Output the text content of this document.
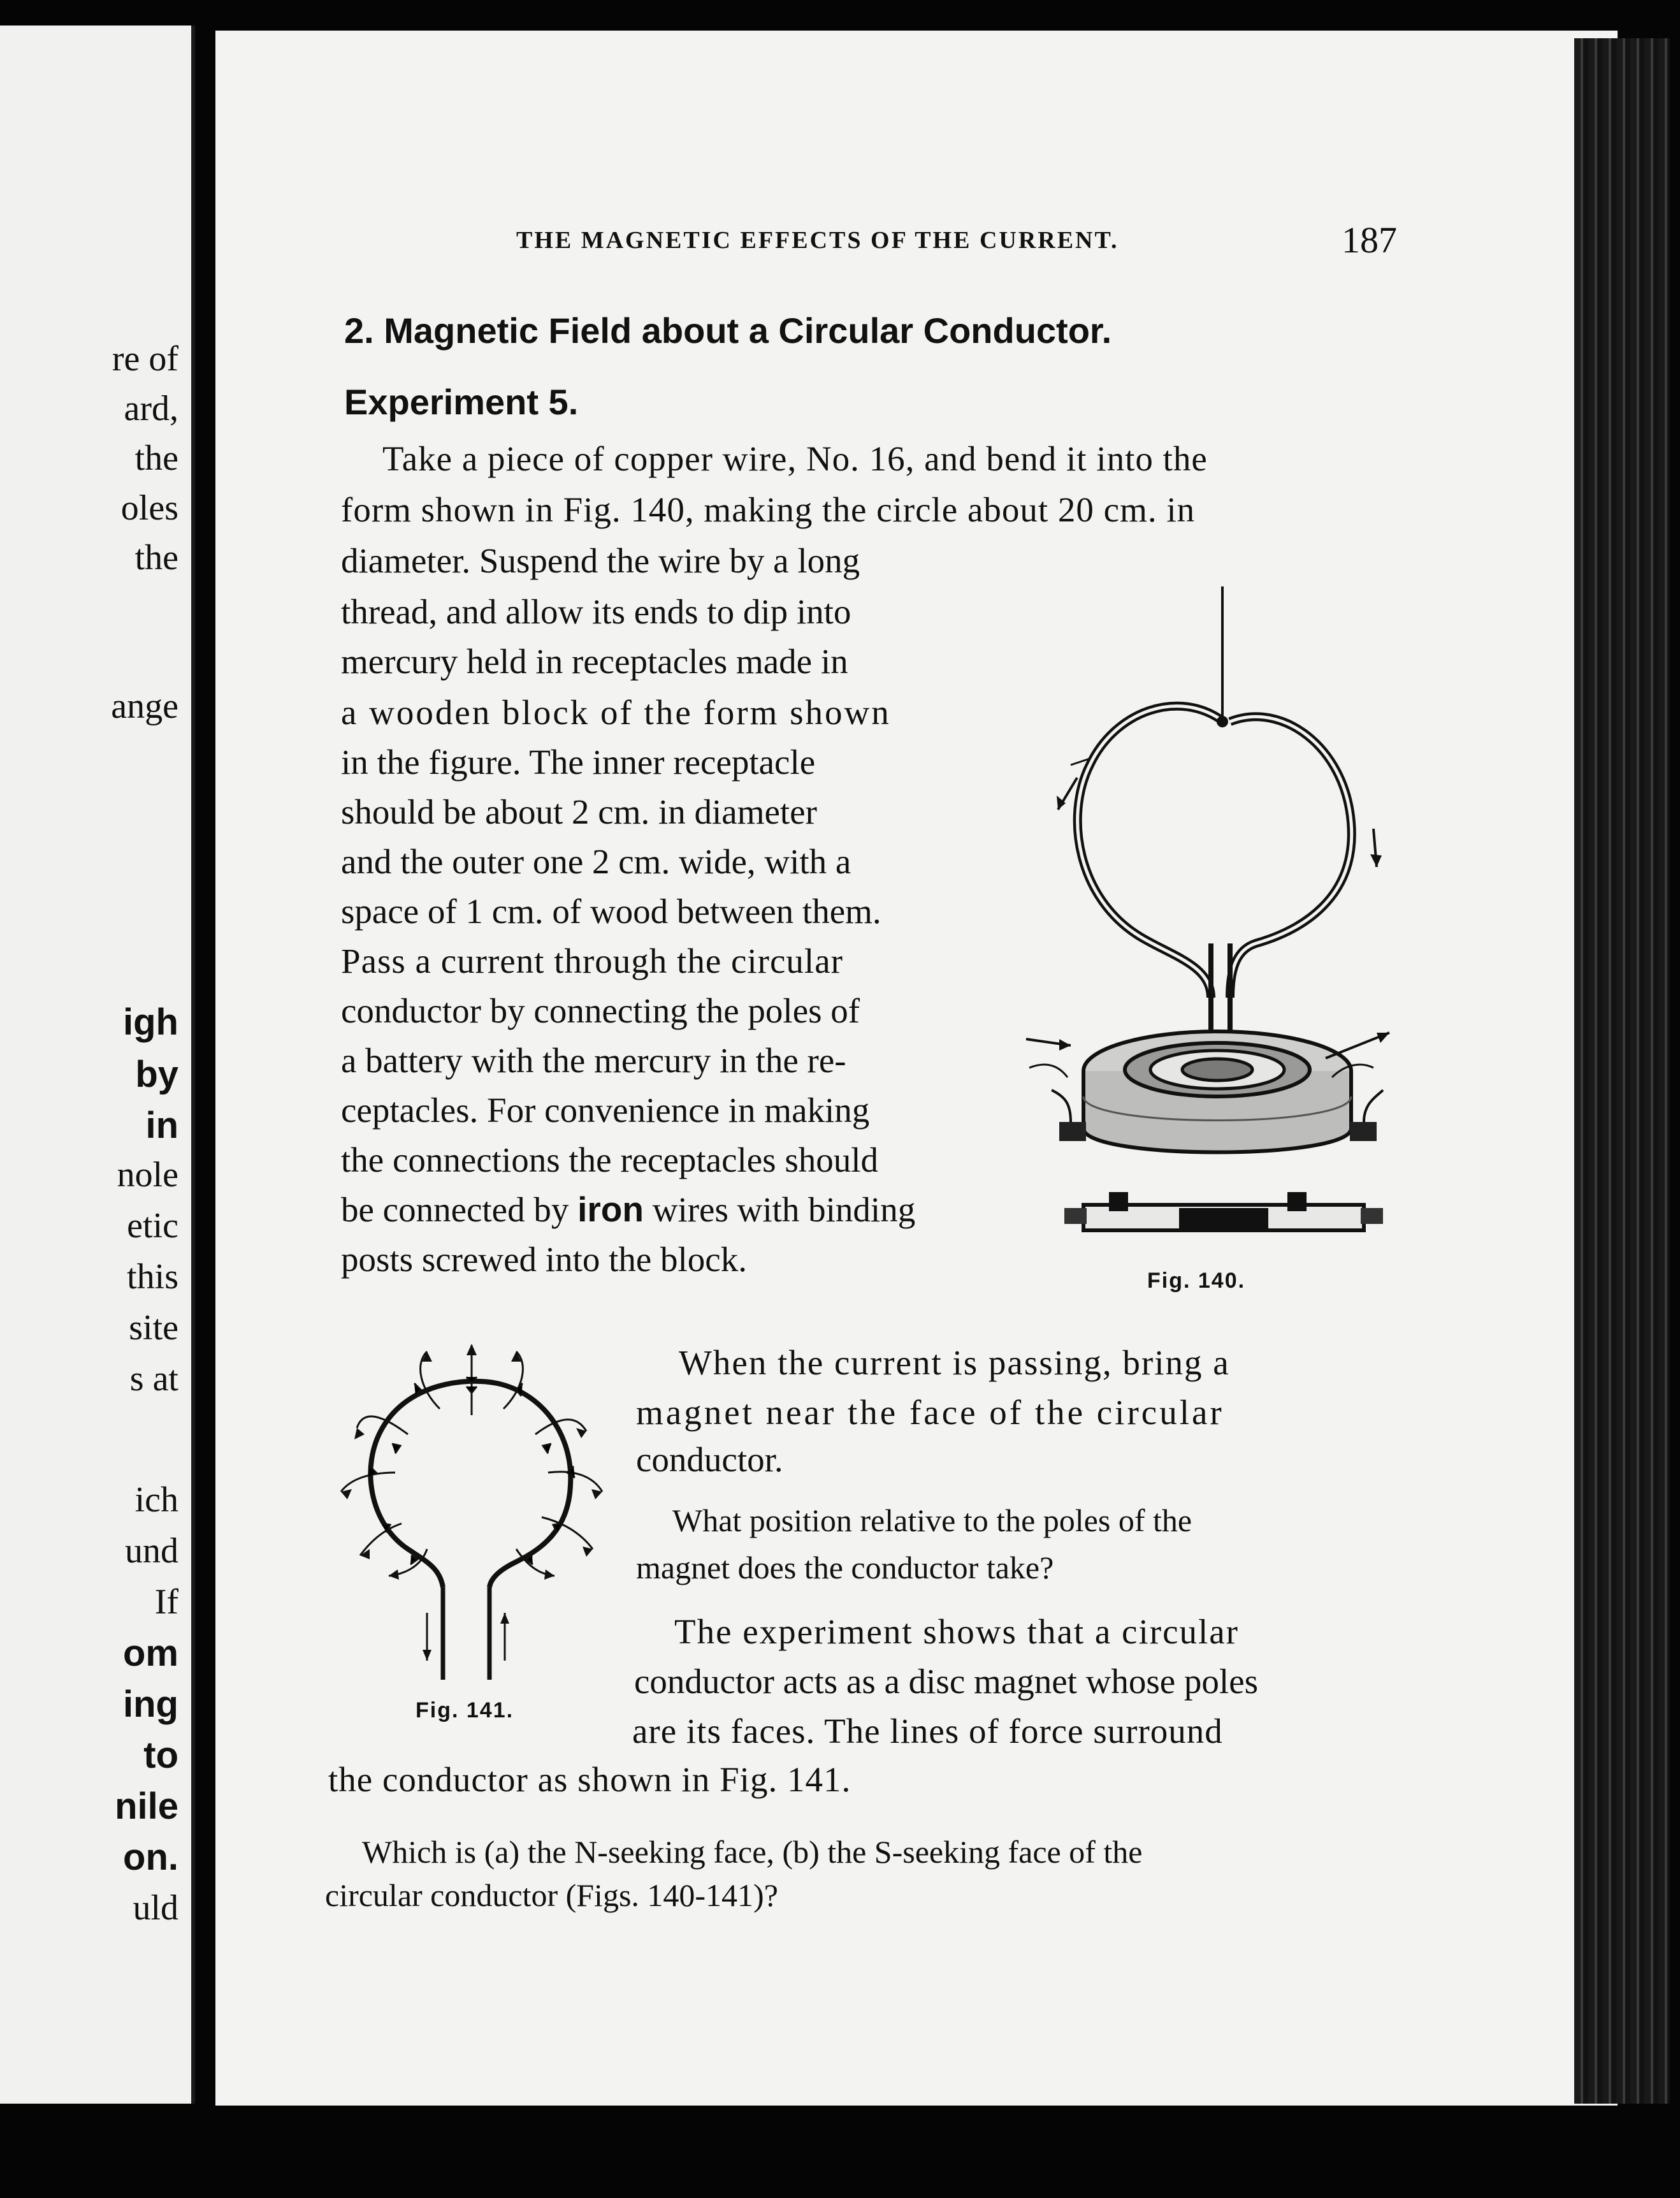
re of
ard,
the
oles
the
ange
igh
by
in
nole
etic
this
site
s at
ich
und
If
om
ing
to
nile
on.
uld
THE MAGNETIC EFFECTS OF THE CURRENT.	187
2. Magnetic Field about a Circular Conductor.
Experiment 5.
Take a piece of copper wire, No. 16, and bend it into the
form shown in Fig. 140, making the circle about 20 cm. in
diameter. Suspend the wire by a long
thread, and allow its ends to dip into
mercury held in receptacles made in
a wooden block of the form shown
in the figure. The inner receptacle
should be about 2 cm. in diameter
and the outer one 2 cm. wide, with a
space of 1 cm. of wood between them.
Pass a current through the circular
conductor by connecting the poles of
a battery with the mercury in the re-
ceptacles. For convenience in making
the connections the receptacles should
be connected by iron wires with binding
posts screwed into the block.
Fig. 140.
When the current is passing, bring a
magnet near the face of the circular
conductor.
What position relative to the poles of the
magnet does the conductor take?
The experiment shows that a circular
conductor acts as a disc magnet whose poles
are its faces. The lines of force surround
the conductor as shown in Fig. 141.
Fig. 141.
Which is (a) the N-seeking face, (b) the S-seeking face of the
circular conductor (Figs. 140-141)?
